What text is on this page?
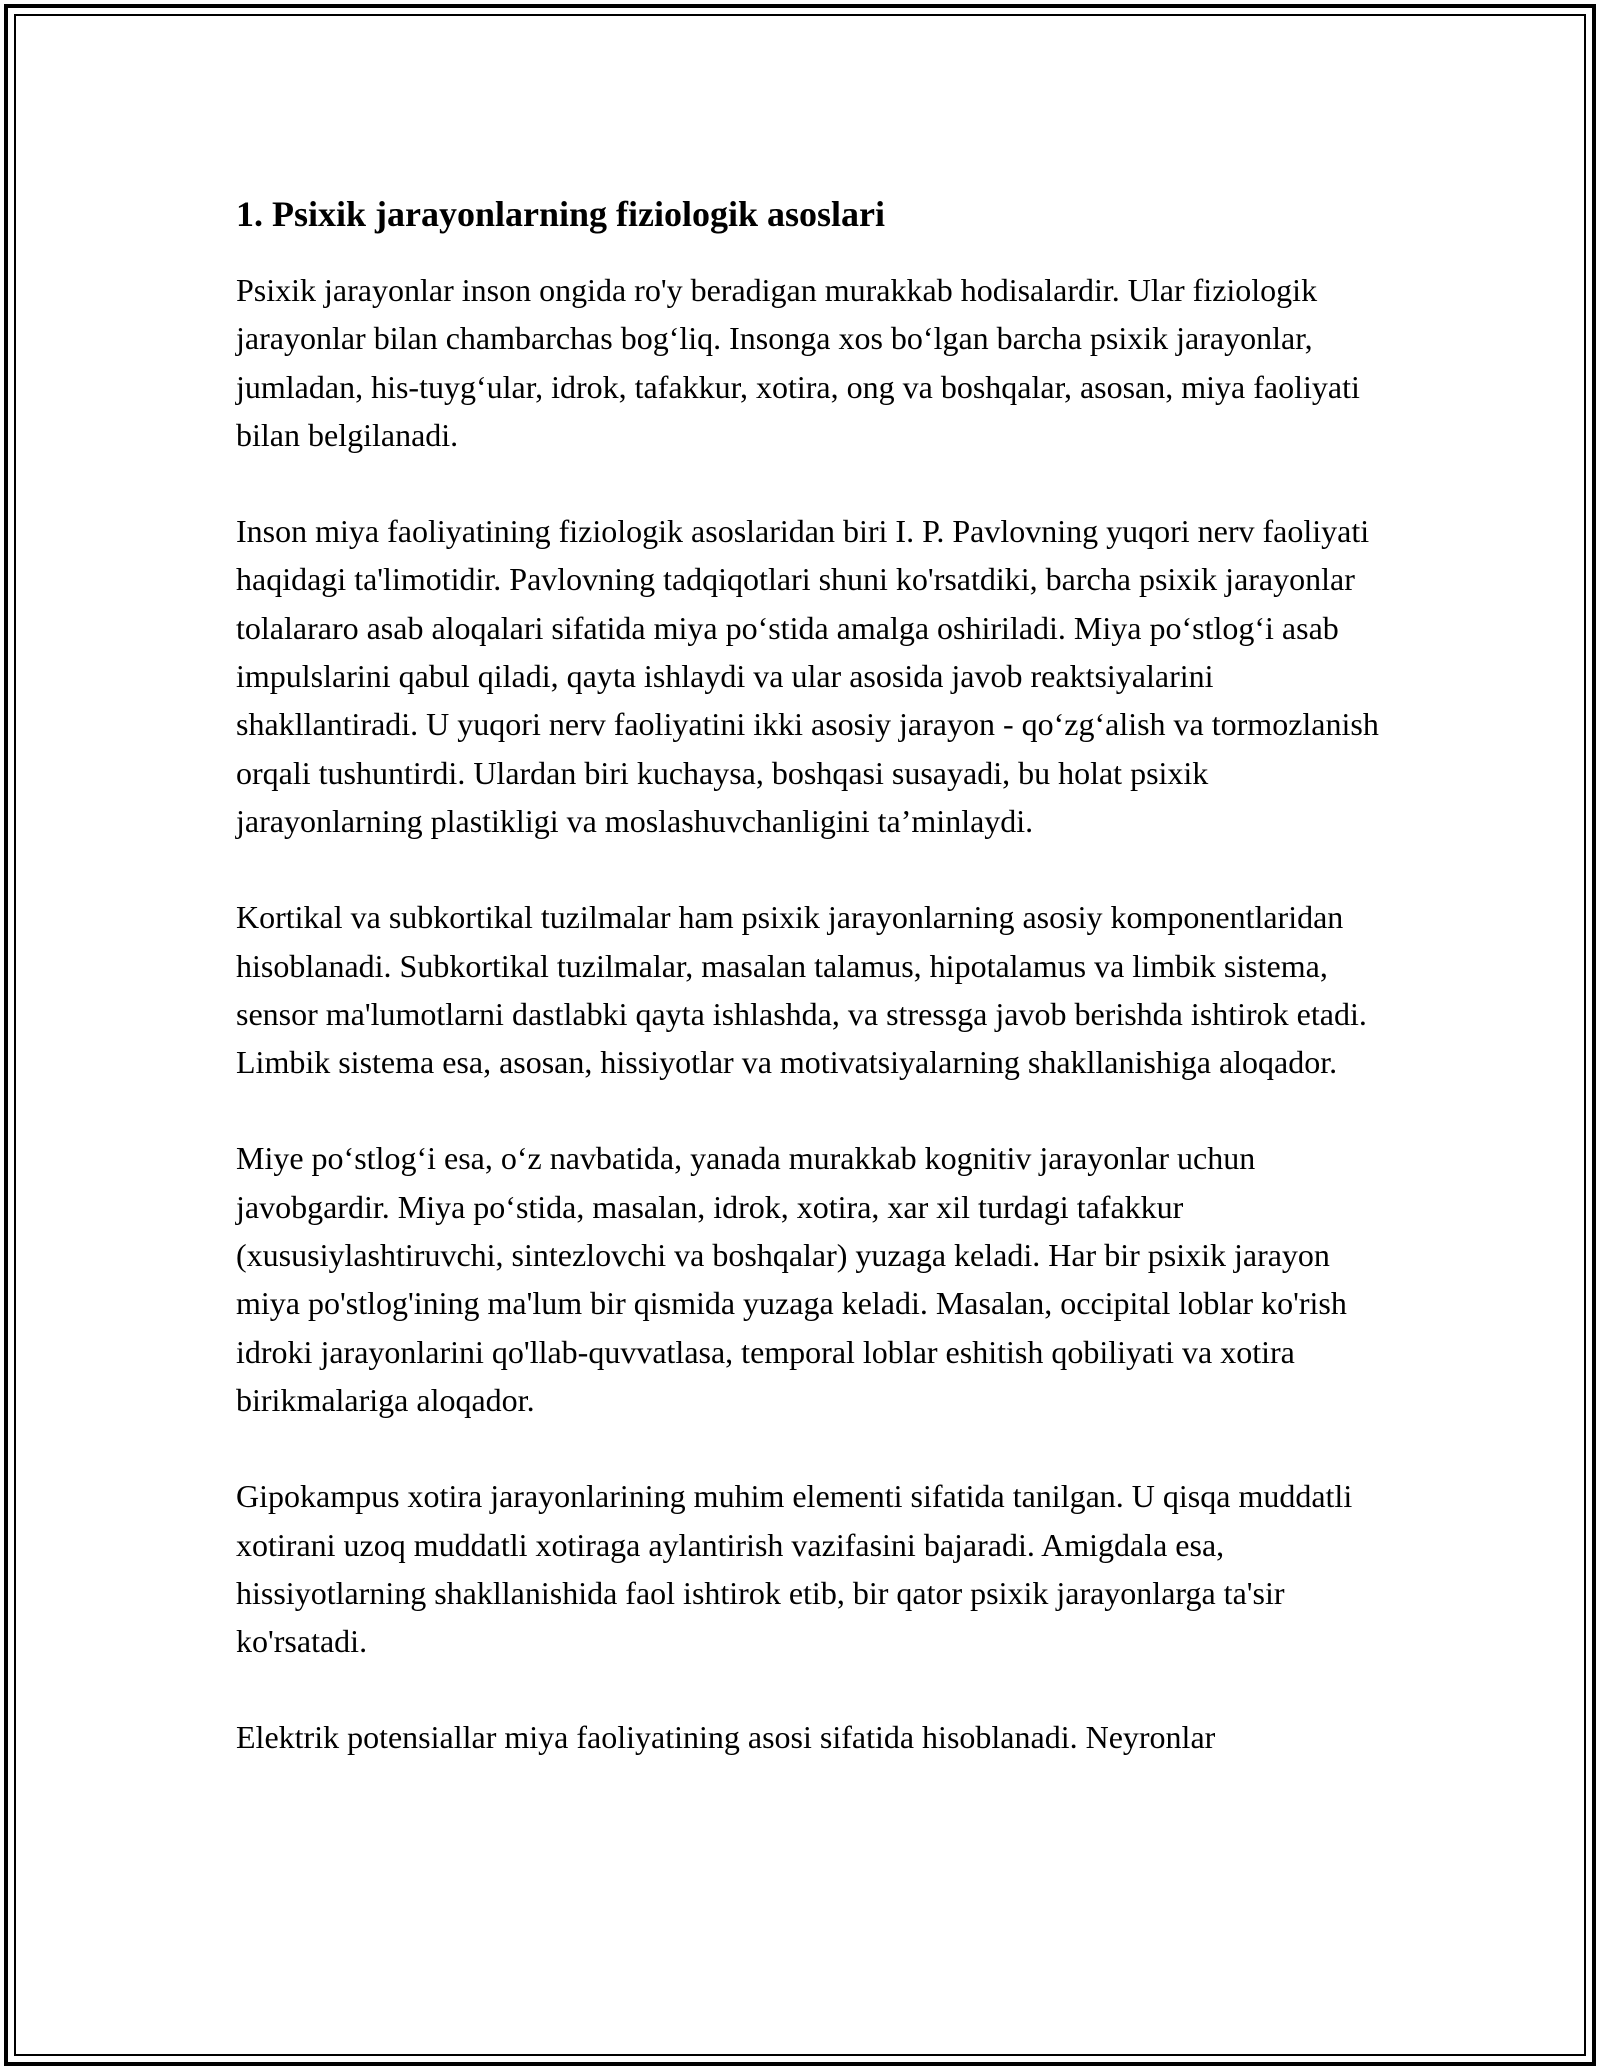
1. Psixik jarayonlarning fiziologik asoslari

Psixik jarayonlar inson ongida ro'y beradigan murakkab hodisalardir. Ular fiziologik jarayonlar bilan chambarchas bog‘liq. Insonga xos bo‘lgan barcha psixik jarayonlar, jumladan, his-tuyg‘ular, idrok, tafakkur, xotira, ong va boshqalar, asosan, miya faoliyati bilan belgilanadi.

Inson miya faoliyatining fiziologik asoslaridan biri I. P. Pavlovning yuqori nerv faoliyati haqidagi ta'limotidir. Pavlovning tadqiqotlari shuni ko'rsatdiki, barcha psixik jarayonlar tolalararo asab aloqalari sifatida miya po‘stida amalga oshiriladi. Miya po‘stlog‘i asab impulslarini qabul qiladi, qayta ishlaydi va ular asosida javob reaktsiyalarini shakllantiradi. U yuqori nerv faoliyatini ikki asosiy jarayon - qo‘zg‘alish va tormozlanish orqali tushuntirdi. Ulardan biri kuchaysa, boshqasi susayadi, bu holat psixik jarayonlarning plastikligi va moslashuvchanligini ta’minlaydi.

Kortikal va subkortikal tuzilmalar ham psixik jarayonlarning asosiy komponentlaridan hisoblanadi. Subkortikal tuzilmalar, masalan talamus, hipotalamus va limbik sistema, sensor ma'lumotlarni dastlabki qayta ishlashda, va stressga javob berishda ishtirok etadi. Limbik sistema esa, asosan, hissiyotlar va motivatsiyalarning shakllanishiga aloqador.

Miye po‘stlog‘i esa, o‘z navbatida, yanada murakkab kognitiv jarayonlar uchun javobgardir. Miya po‘stida, masalan, idrok, xotira, xar xil turdagi tafakkur (xususiylashtiruvchi, sintezlovchi va boshqalar) yuzaga keladi. Har bir psixik jarayon miya po'stlog'ining ma'lum bir qismida yuzaga keladi. Masalan, occipital loblar ko'rish idroki jarayonlarini qo'llab-quvvatlasa, temporal loblar eshitish qobiliyati va xotira birikmalariga aloqador.

Gipokampus xotira jarayonlarining muhim elementi sifatida tanilgan. U qisqa muddatli xotirani uzoq muddatli xotiraga aylantirish vazifasini bajaradi. Amigdala esa, hissiyotlarning shakllanishida faol ishtirok etib, bir qator psixik jarayonlarga ta'sir ko'rsatadi.

Elektrik potensiallar miya faoliyatining asosi sifatida hisoblanadi. Neyronlar
